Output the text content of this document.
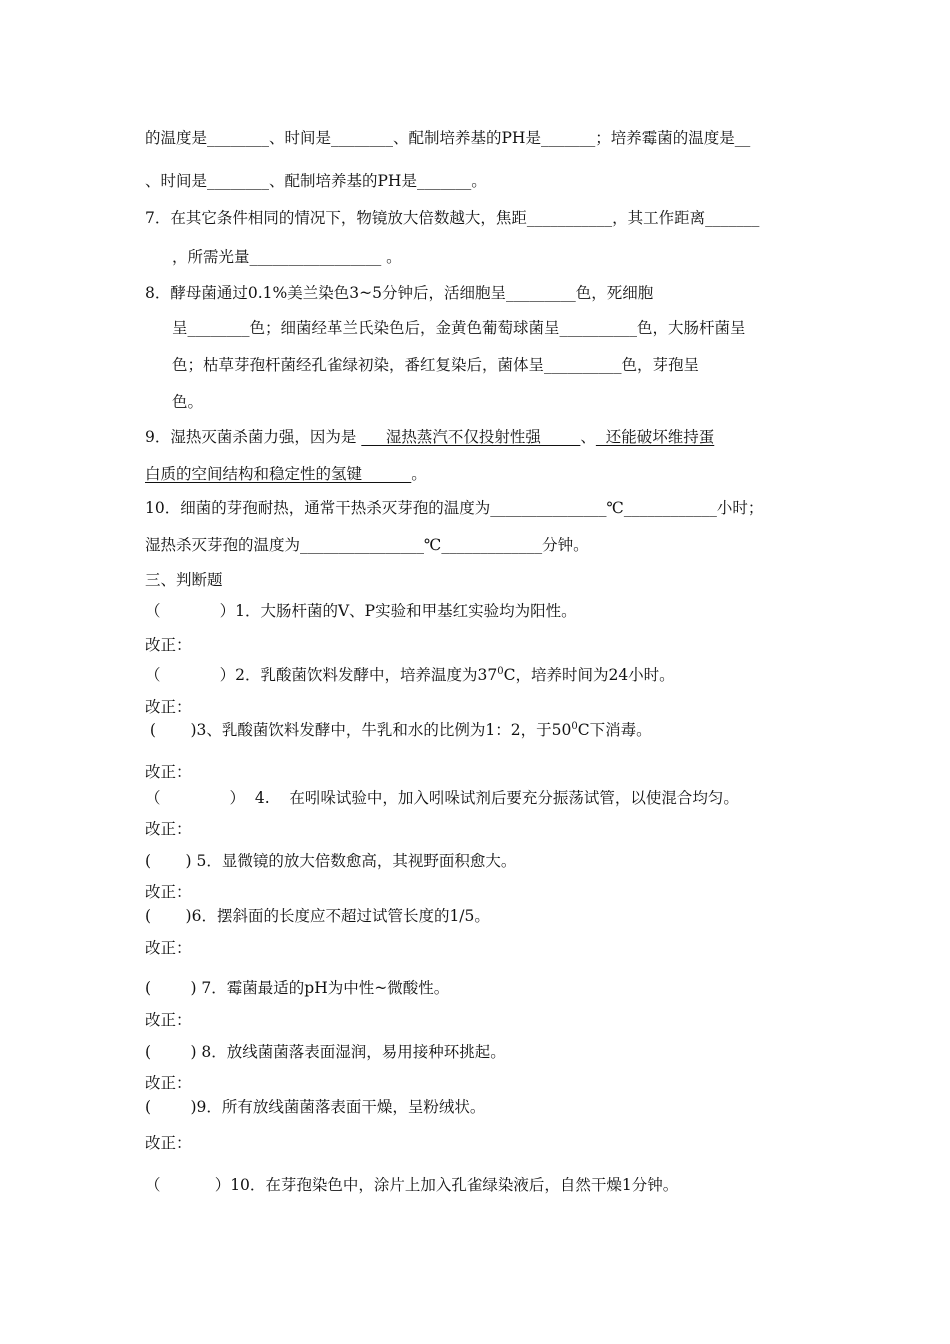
的温度是________、时间是________、配制培养基的PH是_______；培养霉菌的温度是__
、时间是________、配制培养基的PH是_______。
7．在其它条件相同的情况下，物镜放大倍数越大，焦距___________，其工作距离_______
，所需光量_________________ 。
8．酵母菌通过0.1%美兰染色3~5分钟后，活细胞呈_________色，死细胞
呈________色；细菌经革兰氏染色后，金黄色葡萄球菌呈__________色，大肠杆菌呈
色；枯草芽孢杆菌经孔雀绿初染，番红复染后，菌体呈__________色，芽孢呈
色。
9．湿热灭菌杀菌力强，因为是      湿热蒸汽不仅投射性强        、  还能破坏维持蛋
白质的空间结构和稳定性的氢键          。
10．细菌的芽孢耐热，通常干热杀灭芽孢的温度为_______________℃____________小时；
湿热杀灭芽孢的温度为________________℃_____________分钟。
三、判断题
（            ）1．大肠杆菌的V、P实验和甲基红实验均为阳性。
改正：
（            ）2．乳酸菌饮料发酵中，培养温度为$37^0C$，培养时间为24小时。
改正：
(       )3、乳酸菌饮料发酵中，牛乳和水的比例为1：2，于$50^0C$下消毒。
改正：
（              ）  4.    在吲哚试验中，加入吲哚试剂后要充分振荡试管，以使混合均匀。
改正：
(       ) 5．显微镜的放大倍数愈高，其视野面积愈大。
改正：
(       )6．摆斜面的长度应不超过试管长度的1/5。
改正：
(        ) 7．霉菌最适的pH为中性~微酸性。
改正：
(        ) 8．放线菌菌落表面湿润，易用接种环挑起。
改正：
(        )9．所有放线菌菌落表面干燥，呈粉绒状。
改正：
（           ）10．在芽孢染色中，涂片上加入孔雀绿染液后，自然干燥1分钟。
